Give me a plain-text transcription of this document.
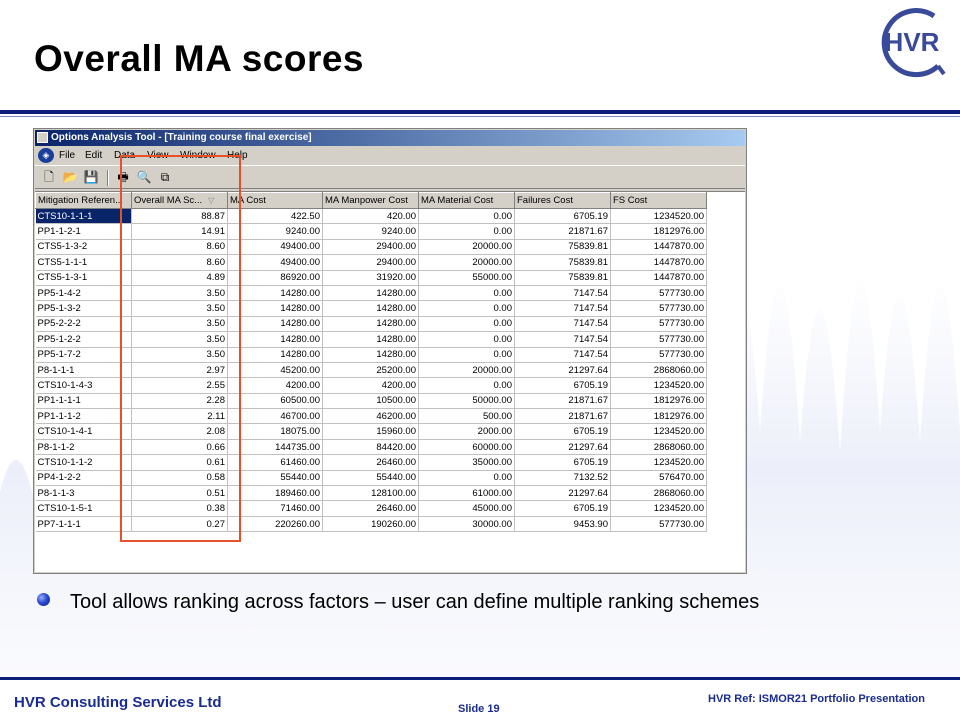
Overall MA scores	HVR
Options Analysis Tool - [Training course final exercise]
◈ File Edit Data View Window Help
🗋 📂 💾 🖶 🔍 ⧉
Mitigation Referen...	Overall MA Sc... ▽	MA Cost	MA Manpower Cost	MA Material Cost	Failures Cost	FS Cost
CTS10-1-1-1	88.87	422.50	420.00	0.00	6705.19	1234520.00
PP1-1-2-1	14.91	9240.00	9240.00	0.00	21871.67	1812976.00
CTS5-1-3-2	8.60	49400.00	29400.00	20000.00	75839.81	1447870.00
CTS5-1-1-1	8.60	49400.00	29400.00	20000.00	75839.81	1447870.00
CTS5-1-3-1	4.89	86920.00	31920.00	55000.00	75839.81	1447870.00
PP5-1-4-2	3.50	14280.00	14280.00	0.00	7147.54	577730.00
PP5-1-3-2	3.50	14280.00	14280.00	0.00	7147.54	577730.00
PP5-2-2-2	3.50	14280.00	14280.00	0.00	7147.54	577730.00
PP5-1-2-2	3.50	14280.00	14280.00	0.00	7147.54	577730.00
PP5-1-7-2	3.50	14280.00	14280.00	0.00	7147.54	577730.00
P8-1-1-1	2.97	45200.00	25200.00	20000.00	21297.64	2868060.00
CTS10-1-4-3	2.55	4200.00	4200.00	0.00	6705.19	1234520.00
PP1-1-1-1	2.28	60500.00	10500.00	50000.00	21871.67	1812976.00
PP1-1-1-2	2.11	46700.00	46200.00	500.00	21871.67	1812976.00
CTS10-1-4-1	2.08	18075.00	15960.00	2000.00	6705.19	1234520.00
P8-1-1-2	0.66	144735.00	84420.00	60000.00	21297.64	2868060.00
CTS10-1-1-2	0.61	61460.00	26460.00	35000.00	6705.19	1234520.00
PP4-1-2-2	0.58	55440.00	55440.00	0.00	7132.52	576470.00
P8-1-1-3	0.51	189460.00	128100.00	61000.00	21297.64	2868060.00
CTS10-1-5-1	0.38	71460.00	26460.00	45000.00	6705.19	1234520.00
PP7-1-1-1	0.27	220260.00	190260.00	30000.00	9453.90	577730.00
Tool allows ranking across factors – user can define multiple ranking schemes
HVR Consulting Services Ltd	Slide 19
HVR Ref: ISMOR21 Portfolio Presentation
